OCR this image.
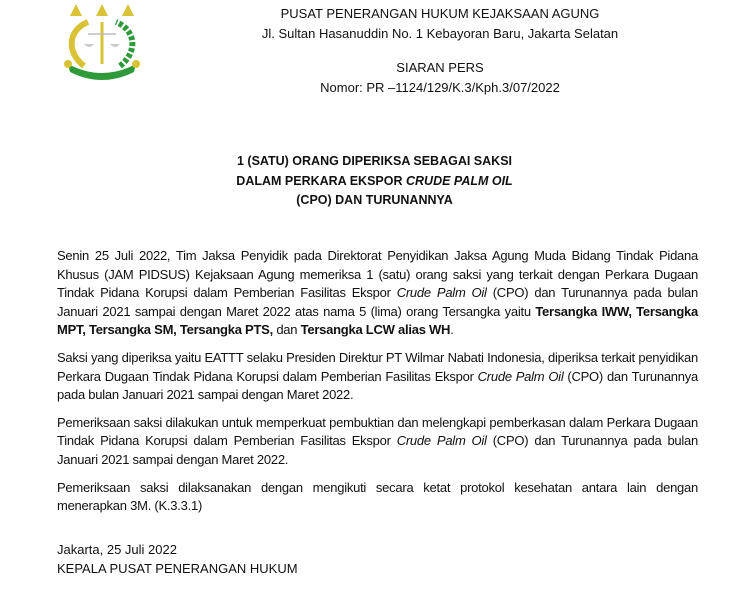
PUSAT PENERANGAN HUKUM KEJAKSAAN AGUNG
Jl. Sultan Hasanuddin No. 1 Kebayoran Baru, Jakarta Selatan
SIARAN PERS
Nomor: PR –1124/129/K.3/Kph.3/07/2022
1 (SATU) ORANG DIPERIKSA SEBAGAI SAKSI
DALAM PERKARA EKSPOR CRUDE PALM OIL
(CPO) DAN TURUNANNYA

Senin 25 Juli 2022, Tim Jaksa Penyidik pada Direktorat Penyidikan Jaksa Agung Muda Bidang Tindak Pidana Khusus (JAM PIDSUS) Kejaksaan Agung memeriksa 1 (satu) orang saksi yang terkait dengan Perkara Dugaan Tindak Pidana Korupsi dalam Pemberian Fasilitas Ekspor Crude Palm Oil (CPO) dan Turunannya pada bulan Januari 2021 sampai dengan Maret 2022 atas nama 5 (lima) orang Tersangka yaitu Tersangka IWW, Tersangka MPT, Tersangka SM, Tersangka PTS, dan Tersangka LCW alias WH.

Saksi yang diperiksa yaitu EATTT selaku Presiden Direktur PT Wilmar Nabati Indonesia, diperiksa terkait penyidikan Perkara Dugaan Tindak Pidana Korupsi dalam Pemberian Fasilitas Ekspor Crude Palm Oil (CPO) dan Turunannya pada bulan Januari 2021 sampai dengan Maret 2022.

Pemeriksaan saksi dilakukan untuk memperkuat pembuktian dan melengkapi pemberkasan dalam Perkara Dugaan Tindak Pidana Korupsi dalam Pemberian Fasilitas Ekspor Crude Palm Oil (CPO) dan Turunannya pada bulan Januari 2021 sampai dengan Maret 2022.

Pemeriksaan saksi dilaksanakan dengan mengikuti secara ketat protokol kesehatan antara lain dengan menerapkan 3M. (K.3.3.1)

Jakarta, 25 Juli 2022
KEPALA PUSAT PENERANGAN HUKUM
